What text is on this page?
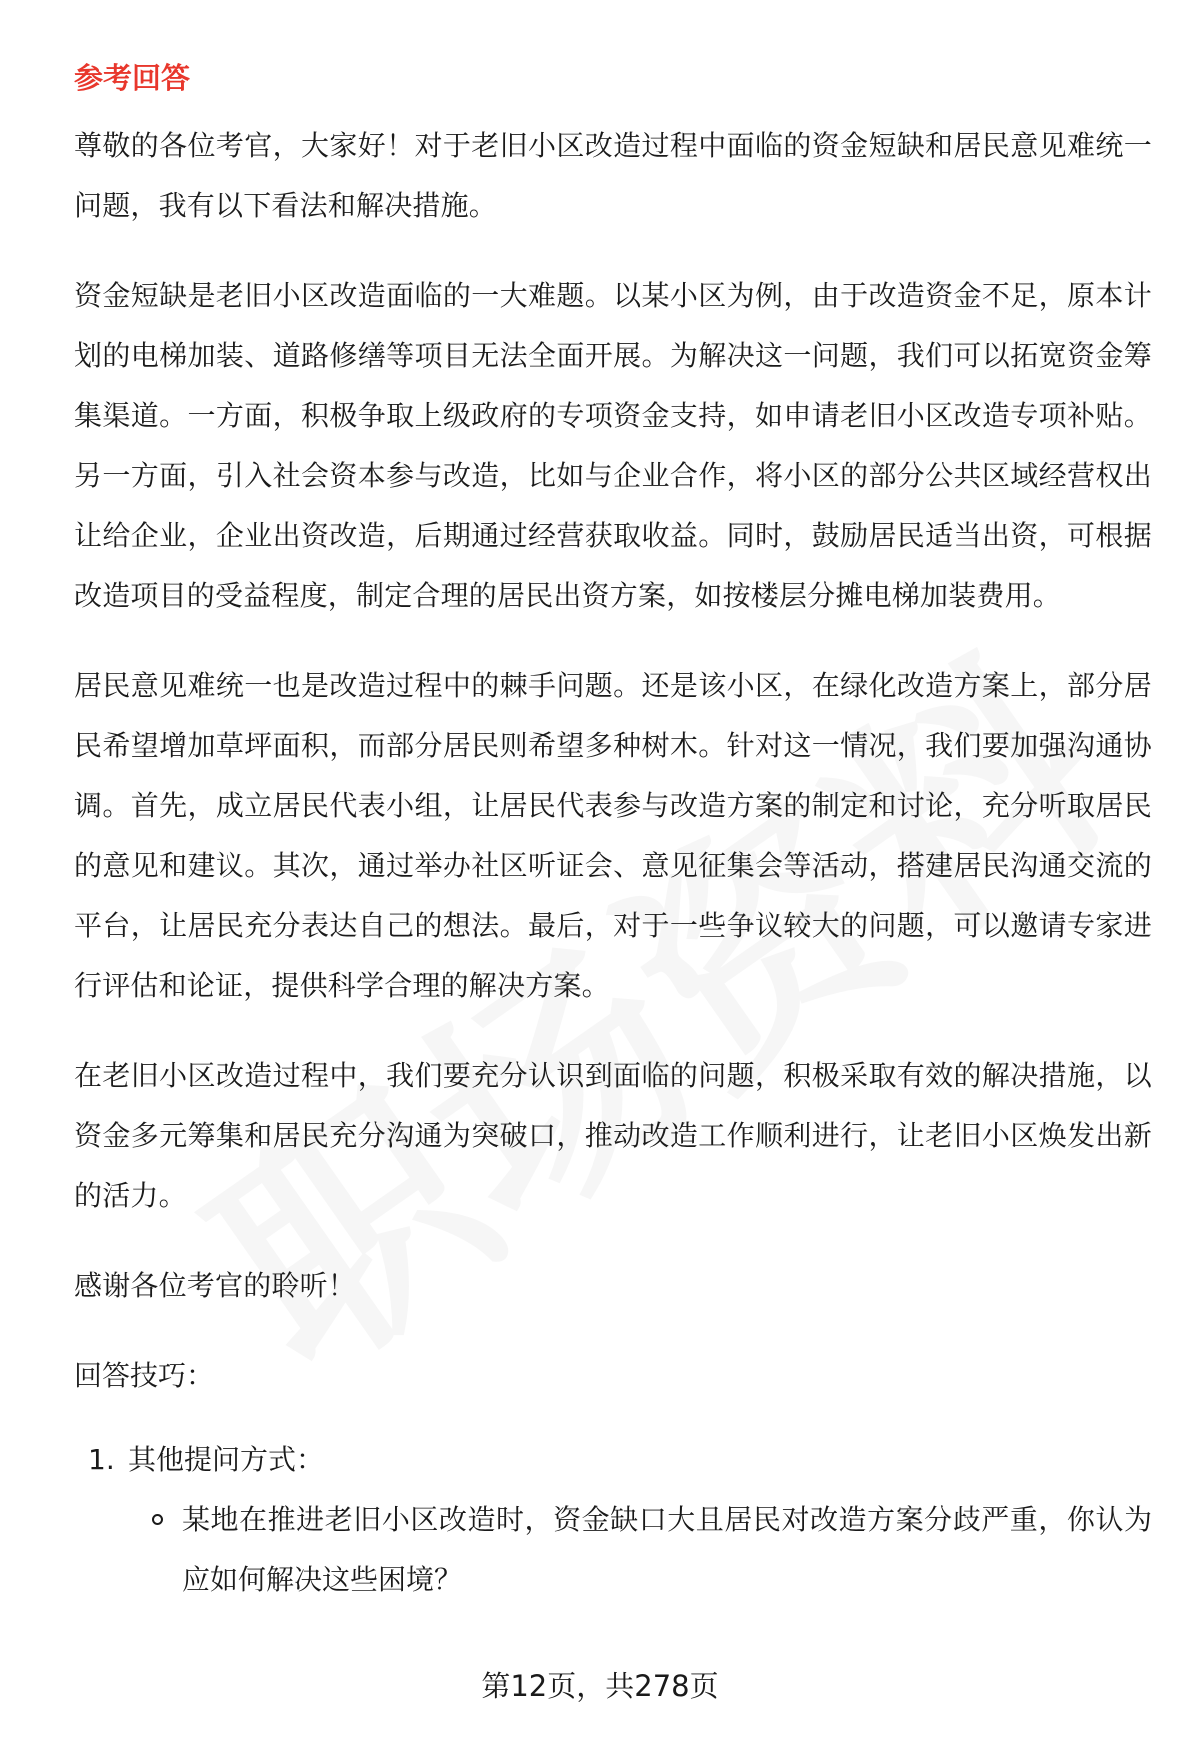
参考回答

尊敬的各位考官，大家好！对于老旧小区改造过程中面临的资金短缺和居民意见难统一问题，我有以下看法和解决措施。

资金短缺是老旧小区改造面临的一大难题。以某小区为例，由于改造资金不足，原本计划的电梯加装、道路修缮等项目无法全面开展。为解决这一问题，我们可以拓宽资金筹集渠道。一方面，积极争取上级政府的专项资金支持，如申请老旧小区改造专项补贴。另一方面，引入社会资本参与改造，比如与企业合作，将小区的部分公共区域经营权出让给企业，企业出资改造，后期通过经营获取收益。同时，鼓励居民适当出资，可根据改造项目的受益程度，制定合理的居民出资方案，如按楼层分摊电梯加装费用。

居民意见难统一也是改造过程中的棘手问题。还是该小区，在绿化改造方案上，部分居民希望增加草坪面积，而部分居民则希望多种树木。针对这一情况，我们要加强沟通协调。首先，成立居民代表小组，让居民代表参与改造方案的制定和讨论，充分听取居民的意见和建议。其次，通过举办社区听证会、意见征集会等活动，搭建居民沟通交流的平台，让居民充分表达自己的想法。最后，对于一些争议较大的问题，可以邀请专家进行评估和论证，提供科学合理的解决方案。

在老旧小区改造过程中，我们要充分认识到面临的问题，积极采取有效的解决措施，以资金多元筹集和居民充分沟通为突破口，推动改造工作顺利进行，让老旧小区焕发出新的活力。

感谢各位考官的聆听！

回答技巧：
1. 其他提问方式：
某地在推进老旧小区改造时，资金缺口大且居民对改造方案分歧严重，你认为应如何解决这些困境？
第12页，共278页
